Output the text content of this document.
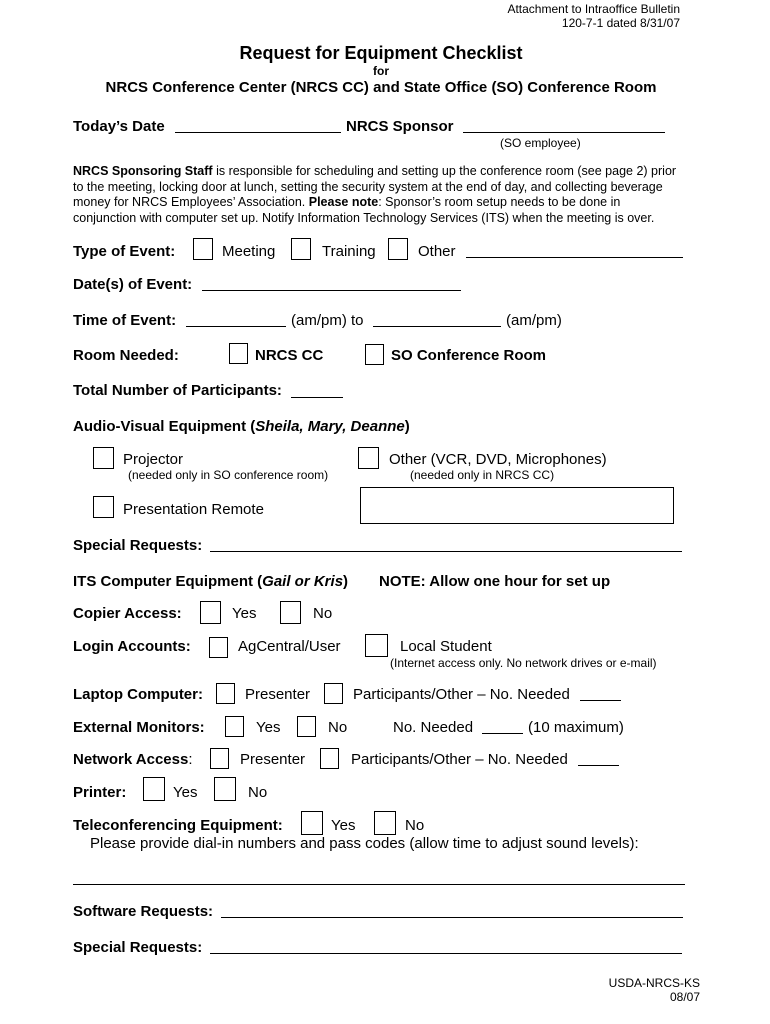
Attachment to Intraoffice Bulletin
120-7-1 dated 8/31/07
Request for Equipment Checklist
for
NRCS Conference Center (NRCS CC) and State Office (SO) Conference Room
Today’s Date	NRCS Sponsor
(SO employee)
NRCS Sponsoring Staff is responsible for scheduling and setting up the conference room (see page 2) prior
to the meeting, locking door at lunch, setting the security system at the end of day, and collecting beverage
money for NRCS Employees’ Association. Please note: Sponsor’s room setup needs to be done in
conjunction with computer set up. Notify Information Technology Services (ITS) when the meeting is over.
Type of Event:	Meeting	Training	Other
Date(s) of Event:
Time of Event:	(am/pm) to	(am/pm)
Room Needed:	NRCS CC	SO Conference Room
Total Number of Participants:
Audio-Visual Equipment (Sheila, Mary, Deanne)
Projector
(needed only in SO conference room)
Other (VCR, DVD, Microphones)
(needed only in NRCS CC)
Presentation Remote
Special Requests:
ITS Computer Equipment (Gail or Kris) NOTE: Allow one hour for set up
Copier Access:	Yes	No
Login Accounts:	AgCentral/User	Local Student
(Internet access only. No network drives or e-mail)
Laptop Computer:	Presenter	Participants/Other – No. Needed
External Monitors:	Yes	No	No. Needed	(10 maximum)
Network Access:	Presenter	Participants/Other – No. Needed
Printer:	Yes	No
Teleconferencing Equipment:	Yes	No
Please provide dial-in numbers and pass codes (allow time to adjust sound levels):
Software Requests:
Special Requests:
USDA-NRCS-KS
08/07
